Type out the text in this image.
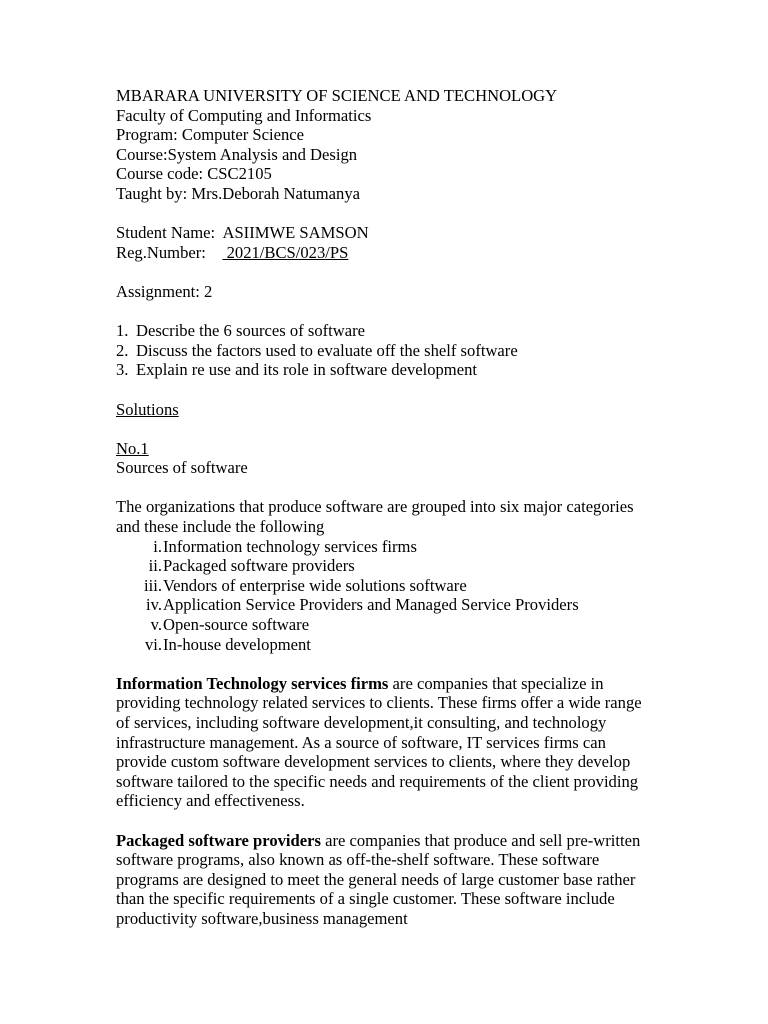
MBARARA UNIVERSITY OF SCIENCE AND TECHNOLOGY
Faculty of Computing and Informatics
Program: Computer Science
Course:System Analysis and Design
Course code: CSC2105
Taught by: Mrs.Deborah Natumanya
Student Name:  ASIIMWE SAMSON
Reg.Number:     2021/BCS/023/PS
Assignment: 2
1. Describe the 6 sources of software
2. Discuss the factors used to evaluate off the shelf software
3. Explain re use and its role in software development
Solutions
No.1
Sources of software

The organizations that produce software are grouped into six major categories and these include the following

i. Information technology services firms
ii. Packaged software providers
iii. Vendors of enterprise wide solutions software
iv. Application Service Providers and Managed Service Providers
v. Open-source software
vi. In-house development

Information Technology services firms are companies that specialize in providing technology related services to clients. These firms offer a wide range of services, including software development,it consulting, and technology infrastructure management. As a source of software, IT services firms can provide custom software development services to clients, where they develop software tailored to the specific needs and requirements of the client providing efficiency and effectiveness.

Packaged software providers are companies that produce and sell pre-written software programs, also known as off-the-shelf software. These software programs are designed to meet the general needs of large customer base rather than the specific requirements of a single customer. These software include productivity software,business management
